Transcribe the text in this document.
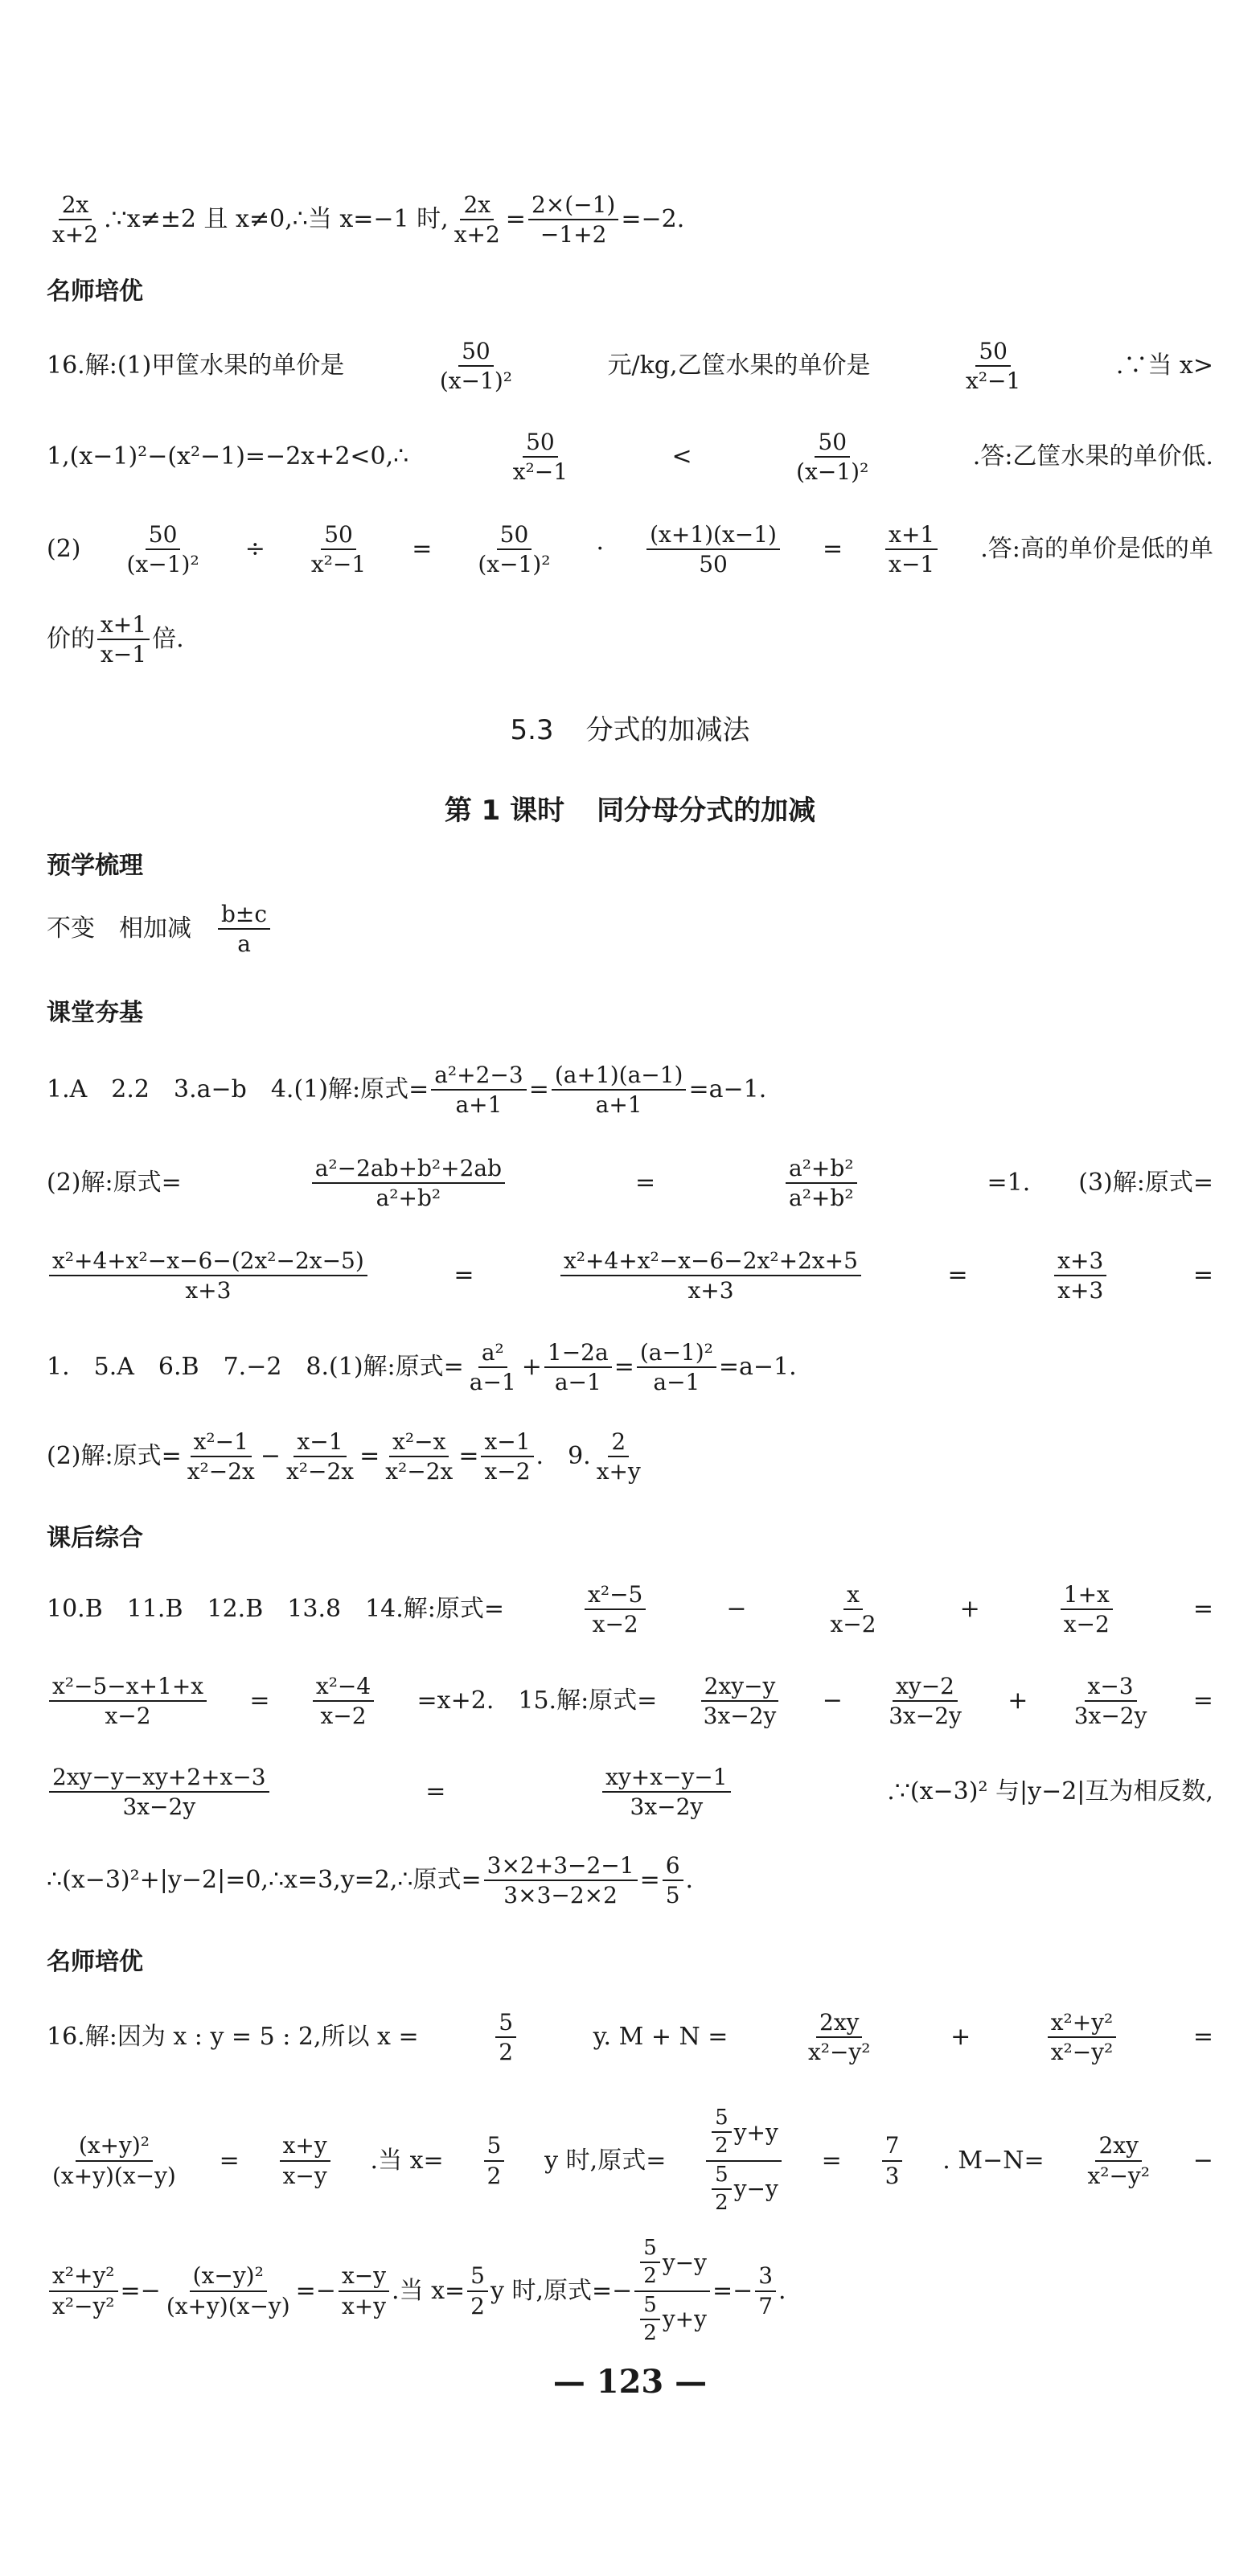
$\frac{2x}{x+2}$ .∵x≠±2 且 x≠0,∴当 x=−1 时, $\frac{2x}{x+2} = \frac{2\times(-1)}{-1+2} =-2$.
名师培优
16.解:(1)甲筐水果的单价是	$\frac{50}{\text{(x−1)²}}$	元/kg,乙筐水果的单价是	$\frac{50}{\text{x²−1}}$	.∵当 x>
1,(x−1)²−(x²−1)=−2x+2<0,∴	$\frac{50}{\text{x²−1}}$	<	$\frac{50}{\text{(x−1)²}}$	.答:乙筐水果的单价低.
$(2) \frac{50}{\text{(x−1)²}} \div \frac{50}{\text{x²−1}} = \frac{50}{\text{(x−1)²}} \cdot \frac{(x+1)(x-1)}{50} = \frac{x+1}{x-1}$ .答:高的单价是低的单
价的 $\frac{x+1}{x-1}$ 倍.
5.3 分式的加减法
第 1 课时 同分母分式的加减
预学梳理
不变　相加减　 $\frac{b\pm c}{a}$
课堂夯基
1.A　2.2　3.a−b　4.(1)解:原式= $\frac{\text{a²+2−3}}{a+1} = \frac{(a+1)(a-1)}{a+1} =a-1$.
(2)解:原式=	$\frac{\text{a²−2ab+b²+2ab}}{\text{a²+b²}}$	=	$\frac{\text{a²+b²}}{\text{a²+b²}}$	=1.　　(3)解:原式=
$\frac{\text{x²+4+x²−x−6−(2x²−2x−5)}}{x+3}$	=	$\frac{\text{x²+4+x²−x−6−2x²+2x+5}}{x+3}$	=	$\frac{x+3}{x+3}$	=
1.　5.A　6.B　7.−2　8.(1)解:原式= $\frac{\text{a²}}{a-1} + \frac{1-2a}{a-1} = \frac{\text{(a−1)²}}{a-1} =a-1$.
(2)解:原式= $\frac{\text{x²−1}}{\text{x²−2x}} - \frac{x-1}{\text{x²−2x}} = \frac{\text{x²−x}}{\text{x²−2x}} = \frac{x-1}{x-2}$ .　9. $\frac{2}{x+y}$
课后综合
10.B　11.B　12.B　13.8　14.解:原式=	$\frac{\text{x²−5}}{x-2}$	−	$\frac{x}{x-2}$	+	$\frac{1+x}{x-2}$	=
$\frac{\text{x²−5−x+1+x}}{x-2} = \frac{\text{x²−4}}{x-2} =x+2$.　15.解:原式= $\frac{2xy-y}{3x-2y} - \frac{xy-2}{3x-2y} + \frac{x-3}{3x-2y}$ =
$\frac{2xy-y-xy+2+x-3}{3x-2y}$	=	$\frac{xy+x-y-1}{3x-2y}$	.∵(x−3)² 与|y−2|互为相反数,
∴(x−3)²+|y−2|=0,∴x=3,y=2,∴原式= $\frac{3\times 2+3-2-1}{3\times 3-2\times 2} = \frac{6}{5}$ .
名师培优
16.解:因为 x : y = 5 : 2,所以 x =	$\frac{5}{2}$	y. M + N =	$\frac{2xy}{\text{x²−y²}}$	+	$\frac{\text{x²+y²}}{\text{x²−y²}}$	=
$\frac{\text{(x+y)²}}{(x+y)(x-y)} = \frac{x+y}{x-y}$ .当 $x= \frac{5}{2}$ y 时,原式= $\frac{\frac{5}{2} y+y}{\frac{5}{2} y-y} = \frac{7}{3}$ . $M-N= \frac{2xy}{\text{x²−y²}}$ −
$\frac{\text{x²+y²}}{\text{x²−y²}} =- \frac{\text{(x−y)²}}{(x+y)(x-y)} =- \frac{x-y}{x+y}$ .当 $x= \frac{5}{2}$ y 时,原式=− $\frac{\frac{5}{2} y-y}{\frac{5}{2} y+y} =- \frac{3}{7}$ .
— 123 —
